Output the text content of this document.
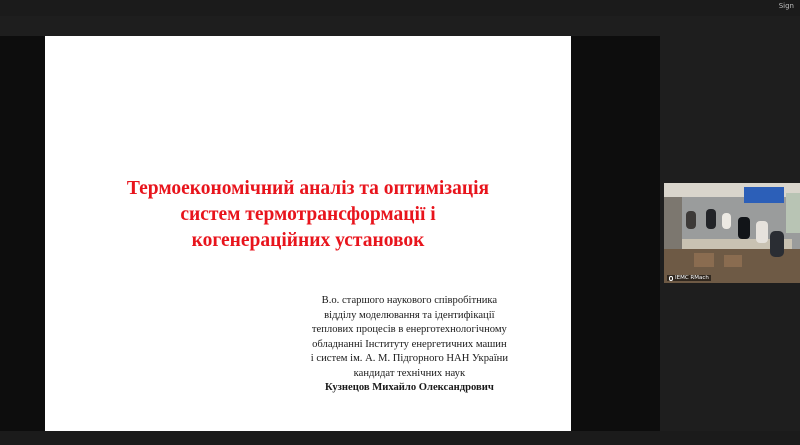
Sign
Термоекономічний аналіз та оптимізація
систем термотрансформації і
когенераційних установок
В.о. старшого наукового співробітника
відділу моделювання та ідентифікації
теплових процесів в енерготехнологічному
обладнанні Інституту енергетичних машин
і систем ім. А. М. Підгорного НАН України
кандидат технічних наук
Кузнецов Михайло Олександрович
IEMC RMach
